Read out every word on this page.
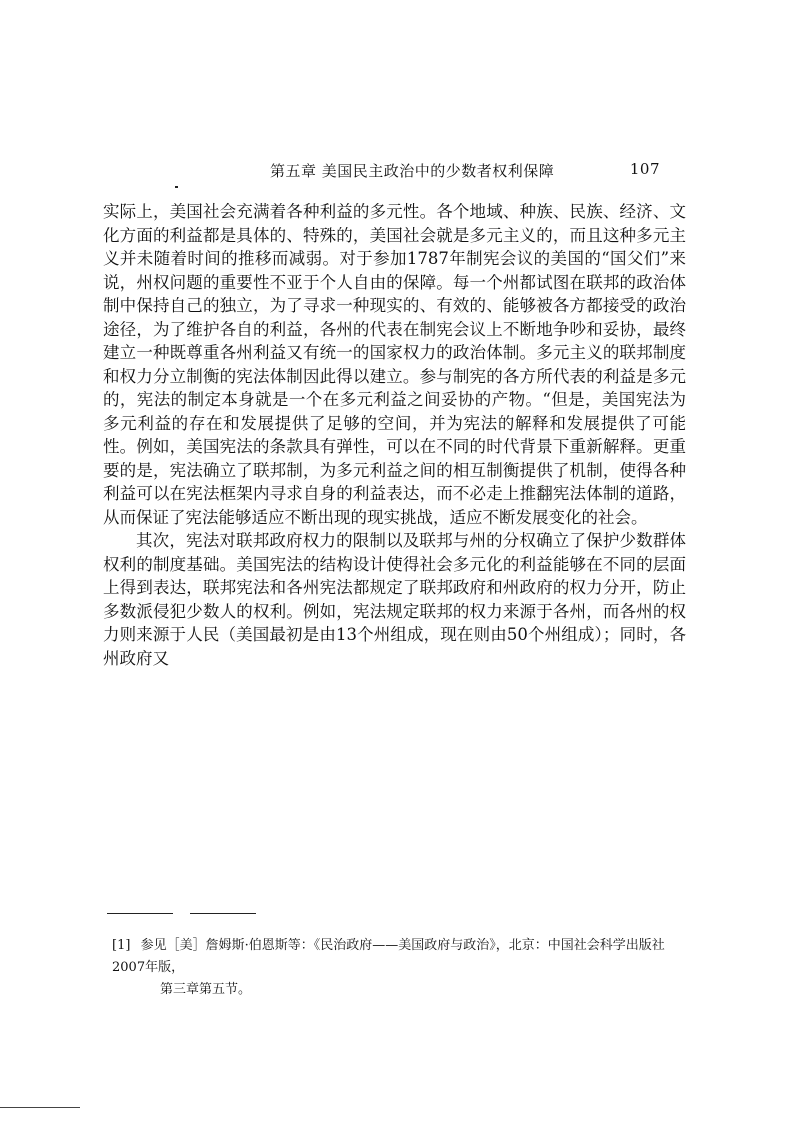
第五章 美国民主政治中的少数者权利保障	107

实际上，美国社会充满着各种利益的多元性。各个地域、种族、民族、经济、文化方面的利益都是具体的、特殊的，美国社会就是多元主义的，而且这种多元主义并未随着时间的推移而减弱。对于参加1787年制宪会议的美国的“国父们”来说，州权问题的重要性不亚于个人自由的保障。每一个州都试图在联邦的政治体制中保持自己的独立，为了寻求一种现实的、有效的、能够被各方都接受的政治途径，为了维护各自的利益，各州的代表在制宪会议上不断地争吵和妥协，最终建立一种既尊重各州利益又有统一的国家权力的政治体制。多元主义的联邦制度和权力分立制衡的宪法体制因此得以建立。参与制宪的各方所代表的利益是多元的，宪法的制定本身就是一个在多元利益之间妥协的产物。“但是，美国宪法为多元利益的存在和发展提供了足够的空间，并为宪法的解释和发展提供了可能性。例如，美国宪法的条款具有弹性，可以在不同的时代背景下重新解释。更重要的是，宪法确立了联邦制，为多元利益之间的相互制衡提供了机制，使得各种利益可以在宪法框架内寻求自身的利益表达，而不必走上推翻宪法体制的道路，从而保证了宪法能够适应不断出现的现实挑战，适应不断发展变化的社会。

其次，宪法对联邦政府权力的限制以及联邦与州的分权确立了保护少数群体权利的制度基础。美国宪法的结构设计使得社会多元化的利益能够在不同的层面上得到表达，联邦宪法和各州宪法都规定了联邦政府和州政府的权力分开，防止多数派侵犯少数人的权利。例如，宪法规定联邦的权力来源于各州，而各州的权力则来源于人民（美国最初是由13个州组成，现在则由50个州组成）；同时，各州政府又

[1] 参见［美］詹姆斯·伯恩斯等：《民治政府——美国政府与政治》，北京：中国社会科学出版社2007年版，
第三章第五节。
